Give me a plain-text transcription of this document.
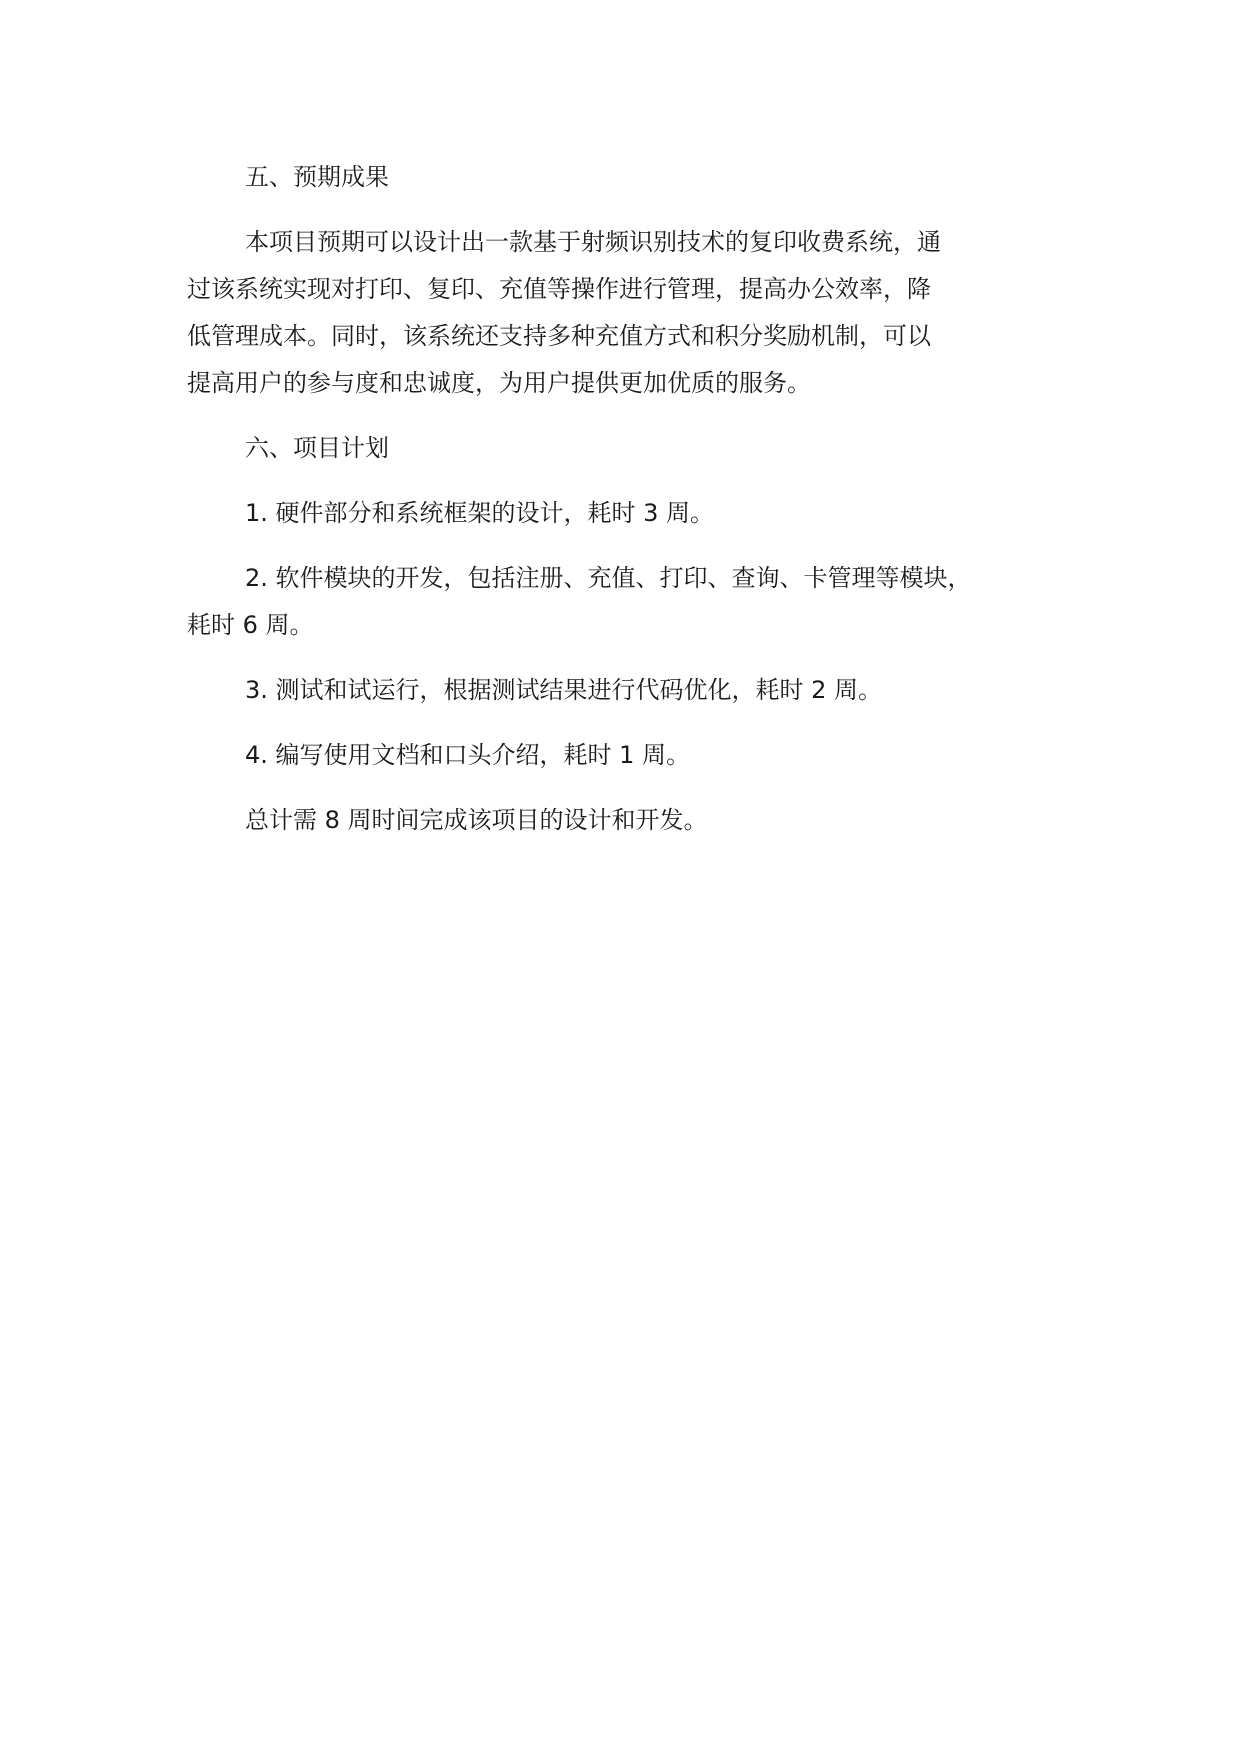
五、预期成果

本项目预期可以设计出一款基于射频识别技术的复印收费系统，通
过该系统实现对打印、复印、充值等操作进行管理，提高办公效率，降
低管理成本。同时，该系统还支持多种充值方式和积分奖励机制，可以
提高用户的参与度和忠诚度，为用户提供更加优质的服务。

六、项目计划

1. 硬件部分和系统框架的设计，耗时 3 周。

2. 软件模块的开发，包括注册、充值、打印、查询、卡管理等模块，
耗时 6 周。

3. 测试和试运行，根据测试结果进行代码优化，耗时 2 周。

4. 编写使用文档和口头介绍，耗时 1 周。

总计需 8 周时间完成该项目的设计和开发。
